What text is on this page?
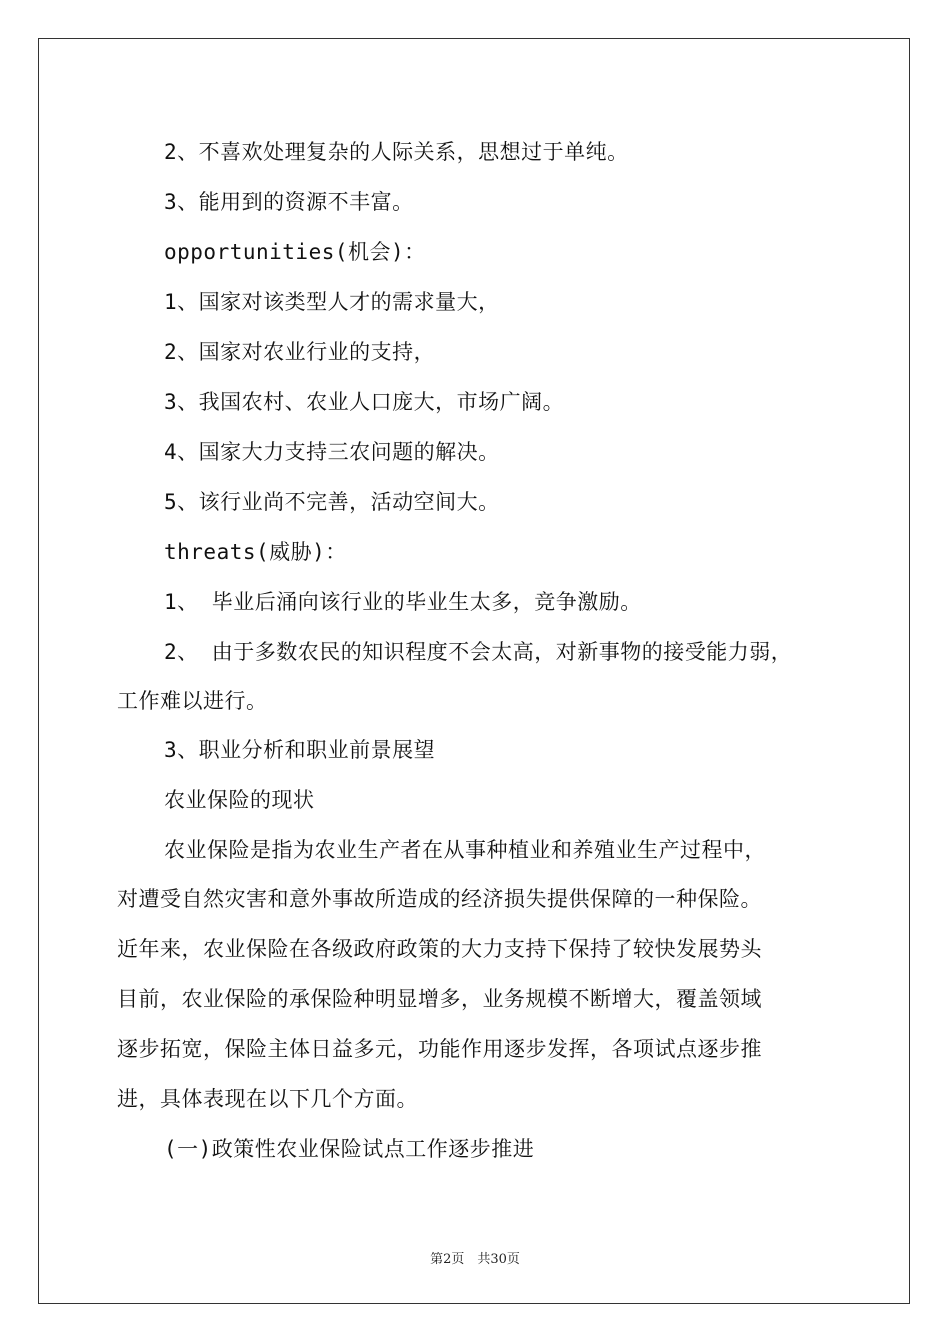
2、不喜欢处理复杂的人际关系，思想过于单纯。
3、能用到的资源不丰富。
opportunities(机会)：
1、国家对该类型人才的需求量大，
2、国家对农业行业的支持，
3、我国农村、农业人口庞大，市场广阔。
4、国家大力支持三农问题的解决。
5、该行业尚不完善，活动空间大。
threats(威胁)：
1、 毕业后涌向该行业的毕业生太多，竞争激励。
2、 由于多数农民的知识程度不会太高，对新事物的接受能力弱，
工作难以进行。
3、职业分析和职业前景展望
农业保险的现状
农业保险是指为农业生产者在从事种植业和养殖业生产过程中，
对遭受自然灾害和意外事故所造成的经济损失提供保障的一种保险。
近年来，农业保险在各级政府政策的大力支持下保持了较快发展势头
目前，农业保险的承保险种明显增多，业务规模不断增大，覆盖领域
逐步拓宽，保险主体日益多元，功能作用逐步发挥，各项试点逐步推
进，具体表现在以下几个方面。
(一)政策性农业保险试点工作逐步推进
第2页　共30页
